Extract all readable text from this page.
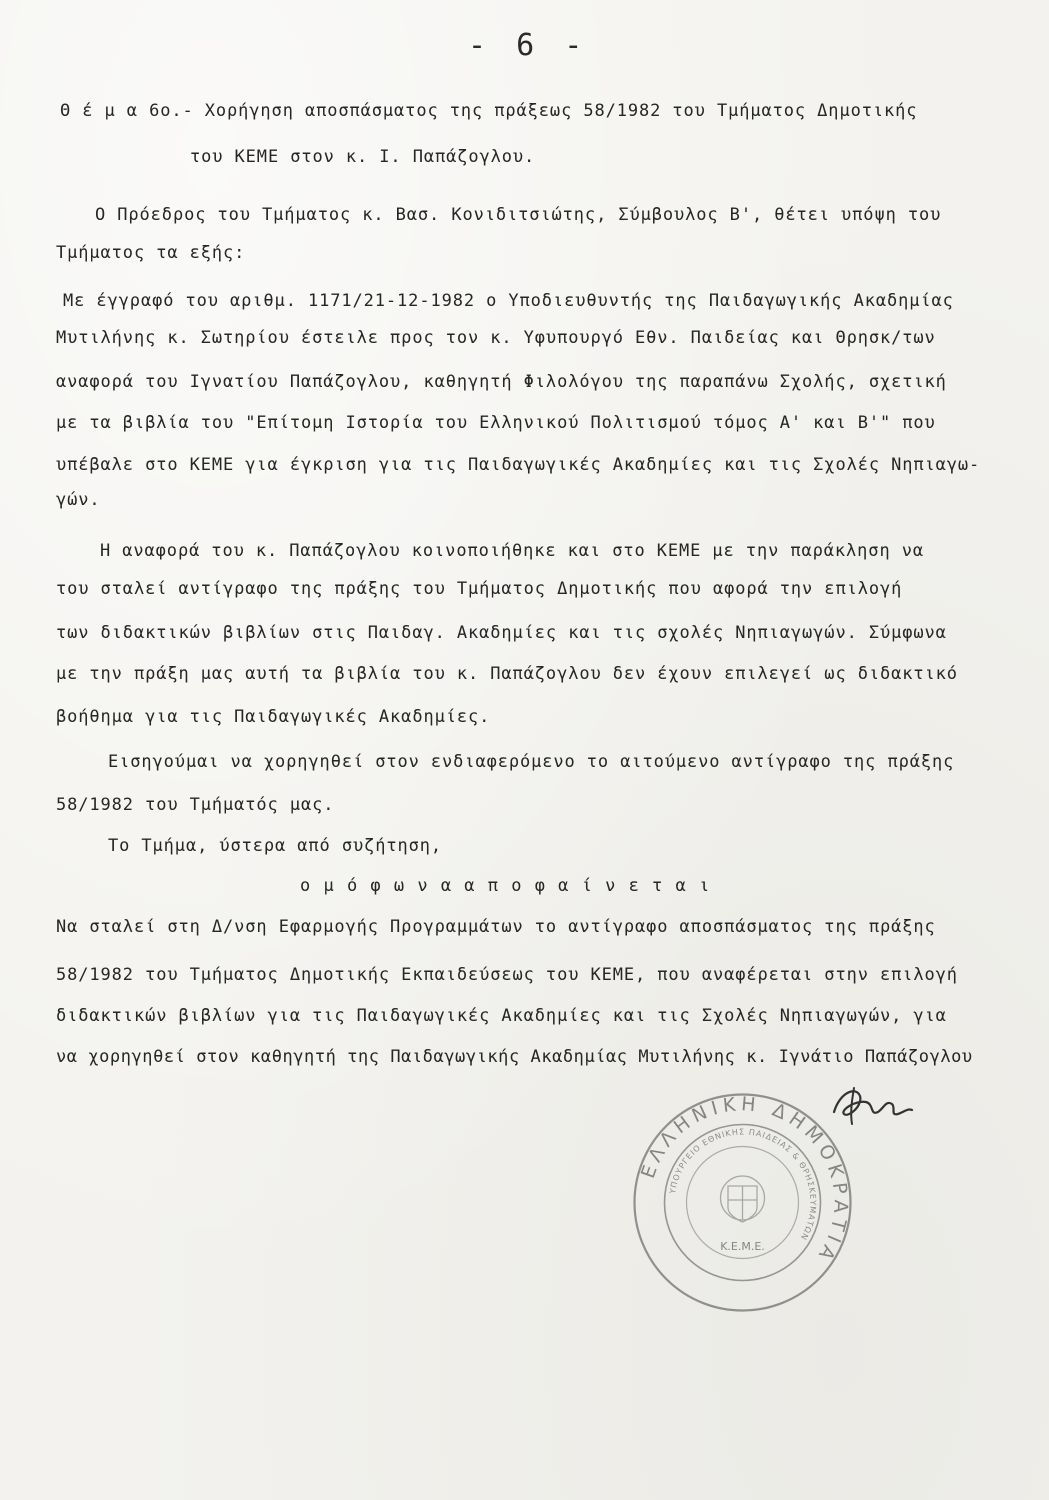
- 6 -
Θ έ μ α 6ο.- Χορήγηση αποσπάσματος της πράξεως 58/1982 του Τμήματος Δημοτικής
του ΚΕΜΕ στον κ. Ι. Παπάζογλου.
Ο Πρόεδρος του Τμήματος κ. Βασ. Κονιδιτσιώτης, Σύμβουλος Β', θέτει υπόψη του
Τμήματος τα εξής:
Με έγγραφό του αριθμ. 1171/21-12-1982 ο Υποδιευθυντής της Παιδαγωγικής Ακαδημίας
Μυτιλήνης κ. Σωτηρίου έστειλε προς τον κ. Υφυπουργό Εθν. Παιδείας και Θρησκ/των
αναφορά του Ιγνατίου Παπάζογλου, καθηγητή Φιλολόγου της παραπάνω Σχολής, σχετική
με τα βιβλία του "Επίτομη Ιστορία του Ελληνικού Πολιτισμού τόμος Α' και Β'" που
υπέβαλε στο ΚΕΜΕ για έγκριση για τις Παιδαγωγικές Ακαδημίες και τις Σχολές Νηπιαγω-
γών.
Η αναφορά του κ. Παπάζογλου κοινοποιήθηκε και στο ΚΕΜΕ με την παράκληση να
του σταλεί αντίγραφο της πράξης του Τμήματος Δημοτικής που αφορά την επιλογή
των διδακτικών βιβλίων στις Παιδαγ. Ακαδημίες και τις σχολές Νηπιαγωγών. Σύμφωνα
με την πράξη μας αυτή τα βιβλία του κ. Παπάζογλου δεν έχουν επιλεγεί ως διδακτικό
βοήθημα για τις Παιδαγωγικές Ακαδημίες.
Εισηγούμαι να χορηγηθεί στον ενδιαφερόμενο το αιτούμενο αντίγραφο της πράξης
58/1982 του Τμήματός μας.
Το Τμήμα, ύστερα από συζήτηση,
ο μ ό φ ω ν α α π ο φ α ί ν ε τ α ι
Να σταλεί στη Δ/νση Εφαρμογής Προγραμμάτων το αντίγραφο αποσπάσματος της πράξης
58/1982 του Τμήματος Δημοτικής Εκπαιδεύσεως του ΚΕΜΕ, που αναφέρεται στην επιλογή
διδακτικών βιβλίων για τις Παιδαγωγικές Ακαδημίες και τις Σχολές Νηπιαγωγών, για
να χορηγηθεί στον καθηγητή της Παιδαγωγικής Ακαδημίας Μυτιλήνης κ. Ιγνάτιο Παπάζογλου
ΕΛΛΗΝΙΚΗ ΔΗΜΟΚΡΑΤΙΑ
ΥΠΟΥΡΓΕΙΟ ΕΘΝΙΚΗΣ ΠΑΙΔΕΙΑΣ & ΘΡΗΣΚΕΥΜΑΤΩΝ
Κ.Ε.Μ.Ε.
